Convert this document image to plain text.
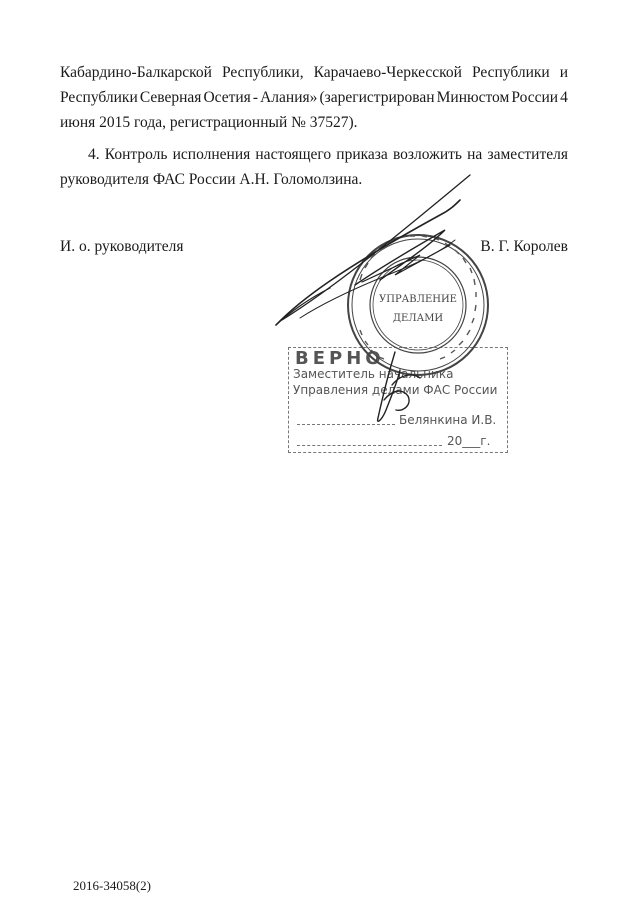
Кабардино-Балкарской Республики, Карачаево-Черкесской Республики и
Республики Северная Осетия - Алания» (зарегистрирован Минюстом России 4
июня 2015 года, регистрационный № 37527).
4. Контроль исполнения настоящего приказа возложить на заместителя
руководителя ФАС России А.Н. Голомолзина.
И. о. руководителя	В. Г. Королев
ВЕРНО
Заместитель начальника
Управления делами ФАС России
Белянкина И.В.
20___г.
УПРАВЛЕНИЕ
ДЕЛАМИ
2016-34058(2)
